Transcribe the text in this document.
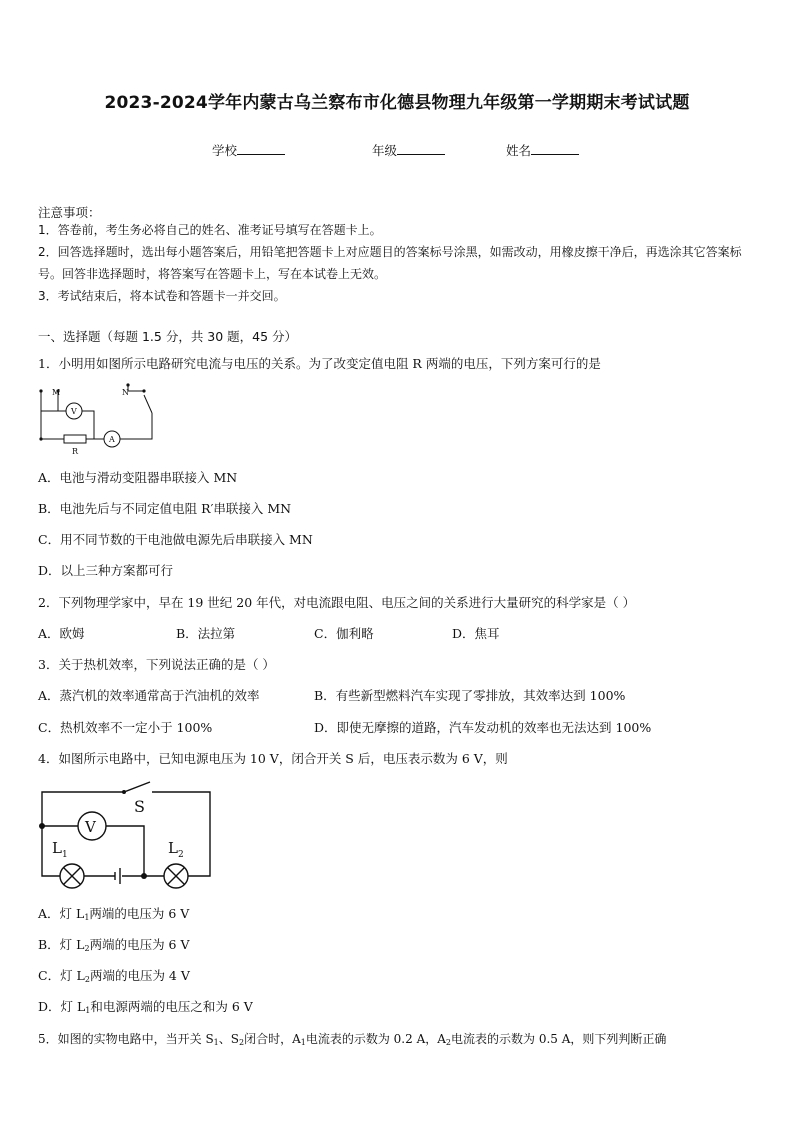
2023-2024学年内蒙古乌兰察布市化德县物理九年级第一学期期末考试试题
学校	年级	姓名
注意事项：
1．答卷前，考生务必将自己的姓名、准考证号填写在答题卡上。
2．回答选择题时，选出每小题答案后，用铅笔把答题卡上对应题目的答案标号涂黑，如需改动，用橡皮擦干净后，再选涂其它答案标号。回答非选择题时，将答案写在答题卡上，写在本试卷上无效。
3．考试结束后，将本试卷和答题卡一并交回。
一、选择题（每题 1.5 分，共 30 题，45 分）
1．小明用如图所示电路研究电流与电压的关系。为了改变定值电阻 R 两端的电压，下列方案可行的是
M	N
V
A
R
A．电池与滑动变阻器串联接入 MN
B．电池先后与不同定值电阻 R′串联接入 MN
C．用不同节数的干电池做电源先后串联接入 MN
D．以上三种方案都可行
2．下列物理学家中，早在 19 世纪 20 年代，对电流跟电阻、电压之间的关系进行大量研究的科学家是（ ）
A．欧姆	B．法拉第	C．伽利略	D．焦耳
3．关于热机效率，下列说法正确的是（ ）
A．蒸汽机的效率通常高于汽油机的效率	B．有些新型燃料汽车实现了零排放，其效率达到 100%
C．热机效率不一定小于 100%	D．即使无摩擦的道路，汽车发动机的效率也无法达到 100%
4．如图所示电路中，已知电源电压为 10 V，闭合开关 S 后，电压表示数为 6 V，则
S
V
$L_1$	$L_2$
A．灯 $L_1$两端的电压为 6 V
B．灯 $L_2$两端的电压为 6 V
C．灯 $L_2$两端的电压为 4 V
D．灯 $L_1$和电源两端的电压之和为 6 V
5．如图的实物电路中，当开关 $S_1$、$S_2$闭合时，$A_1$电流表的示数为 0.2 A，$A_2$电流表的示数为 0.5 A，则下列判断正确
